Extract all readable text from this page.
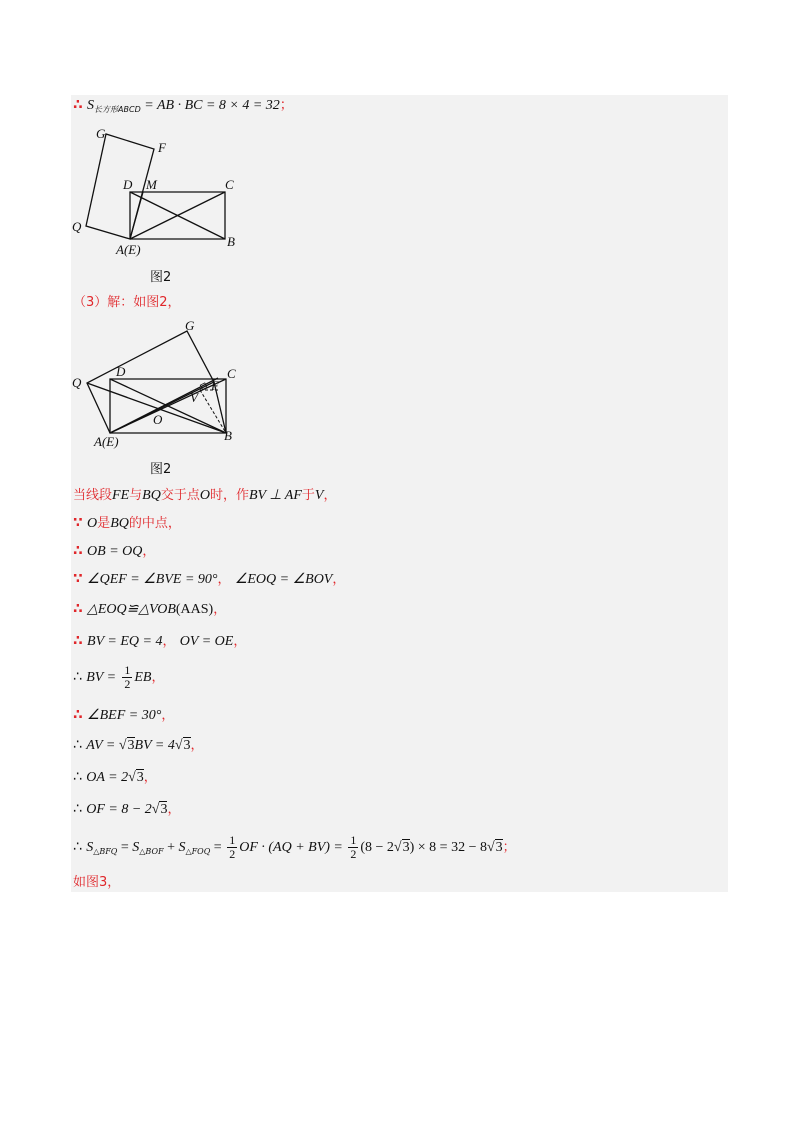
∴ $S_{长方形ABCD}$ = AB · BC = 8 × 4 = 32；
G
F
D M	C
Q
A(E)
B
图2
（3）解：如图2，
G
Q
D	C
F
V
O
A(E)	B
图2
当线段FE与BQ交于点O时，作BV ⊥ AF于V，
∵ O是BQ的中点，
∴ OB = OQ，
∵ ∠QEF = ∠BVE = 90°， ∠EOQ = ∠BOV，
∴ △EOQ≌△VOB(AAS)，
∴ BV = EQ = 4， OV = OE，
∴ BV = $\frac{1}{2}$ EB，
∴ ∠BEF = 30°，
∴ AV = √3BV = 4√3，
∴ OA = 2√3，
∴ OF = 8 − 2√3，
∴ $S_{\triangle BFQ} = S_{\triangle BOF} + S_{\triangle FOQ} = \frac{1}{2}$ OF · $(AQ + BV) = \frac{1}{2} (8 - 2√3) \times 8 = 32 - 8√3$；
如图3，
